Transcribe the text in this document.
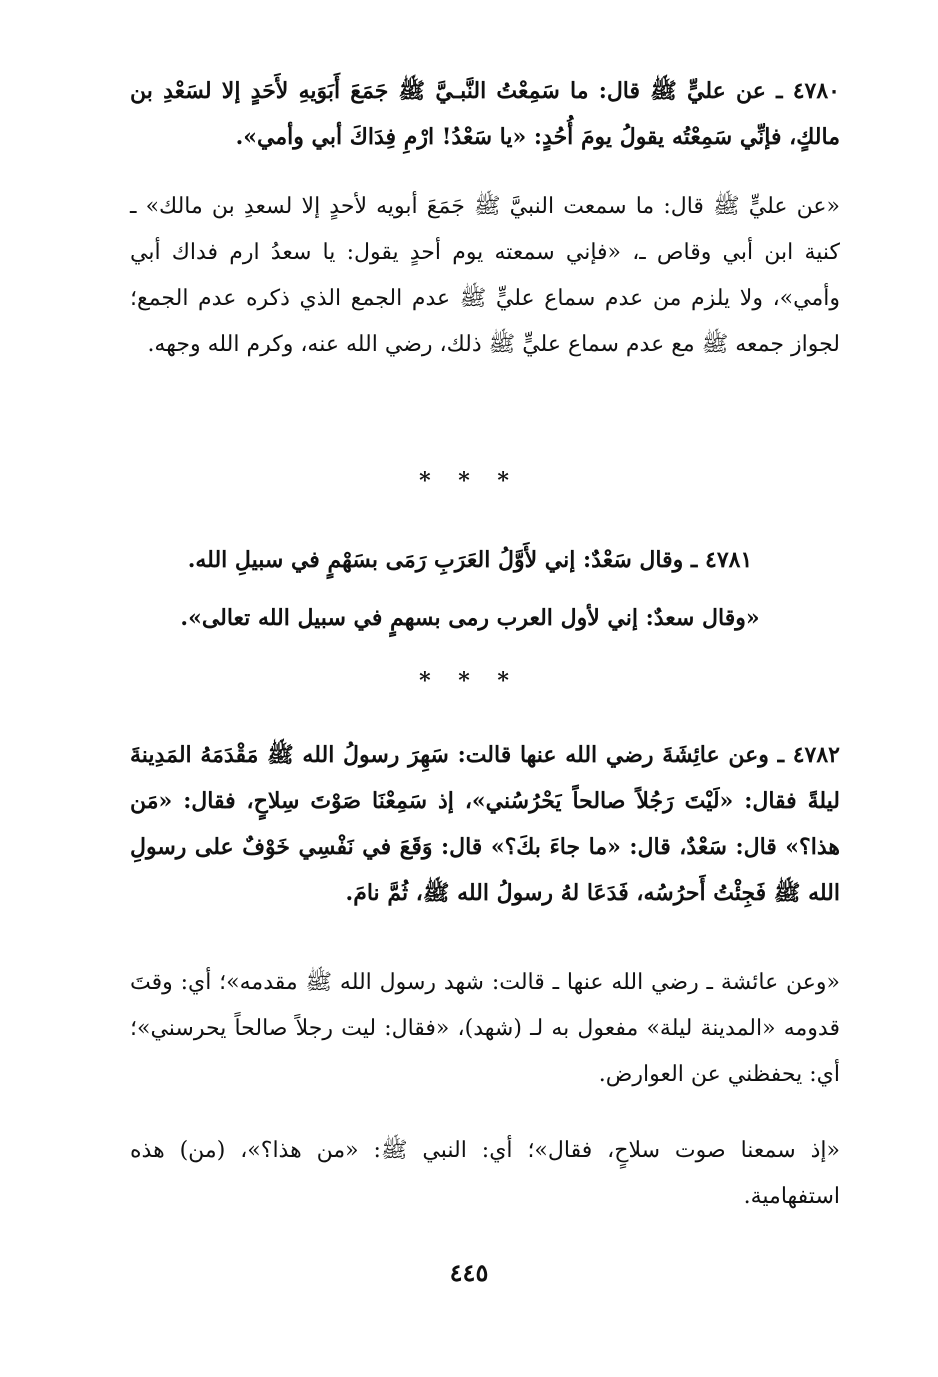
٤٧٨٠ ـ عن عليٍّ ﷺ قال: ما سَمِعْتُ النَّبـيَّ ﷺ جَمَعَ أَبَوَيهِ لأَحَدٍ إلا لسَعْدِ بن مالكٍ، فإنِّي سَمِعْتُه يقولُ يومَ أُحُدٍ: «يا سَعْدُ! ارْمِ فِدَاكَ أبي وأمي».

«عن عليٍّ ﷺ قال: ما سمعت النبيَّ ﷺ جَمَعَ أبويه لأحدٍ إلا لسعدِ بن مالك» ـ كنية ابن أبي وقاص ـ، «فإني سمعته يوم أحدٍ يقول: يا سعدُ ارم فداك أبي وأمي»، ولا يلزم من عدم سماع عليٍّ ﷺ عدم الجمع الذي ذكره عدم الجمع؛ لجواز جمعه ﷺ مع عدم سماع عليٍّ ﷺ ذلك، رضي الله عنه، وكرم الله وجهه.

* * *

٤٧٨١ ـ وقال سَعْدٌ: إني لأَوَّلُ العَرَبِ رَمَى بسَهْمٍ في سبيلِ الله.

«وقال سعدٌ: إني لأول العرب رمى بسهمٍ في سبيل الله تعالى».

* * *

٤٧٨٢ ـ وعن عائِشَةَ رضي الله عنها قالت: سَهِرَ رسولُ الله ﷺ مَقْدَمَهُ المَدِينةَ ليلةً فقال: «لَيْتَ رَجُلاً صالحاً يَحْرُسُني»، إذ سَمِعْنَا صَوْتَ سِلاحٍ، فقال: «مَن هذا؟» قال: سَعْدٌ، قال: «ما جاءَ بكَ؟» قال: وَقَعَ في نَفْسِي خَوْفٌ على رسولِ الله ﷺ فَجِئْتُ أَحرُسُه، فَدَعَا لهُ رسولُ الله ﷺ، ثُمَّ نامَ.

«وعن عائشة ـ رضي الله عنها ـ قالت: شهد رسول الله ﷺ مقدمه»؛ أي: وقتَ قدومه «المدينة ليلة» مفعول به لـ (شهد)، «فقال: ليت رجلاً صالحاً يحرسني»؛ أي: يحفظني عن العوارض.

«إذ سمعنا صوت سلاحٍ، فقال»؛ أي: النبي ﷺ: «من هذا؟»، (من) هذه استفهامية.

٤٤٥
